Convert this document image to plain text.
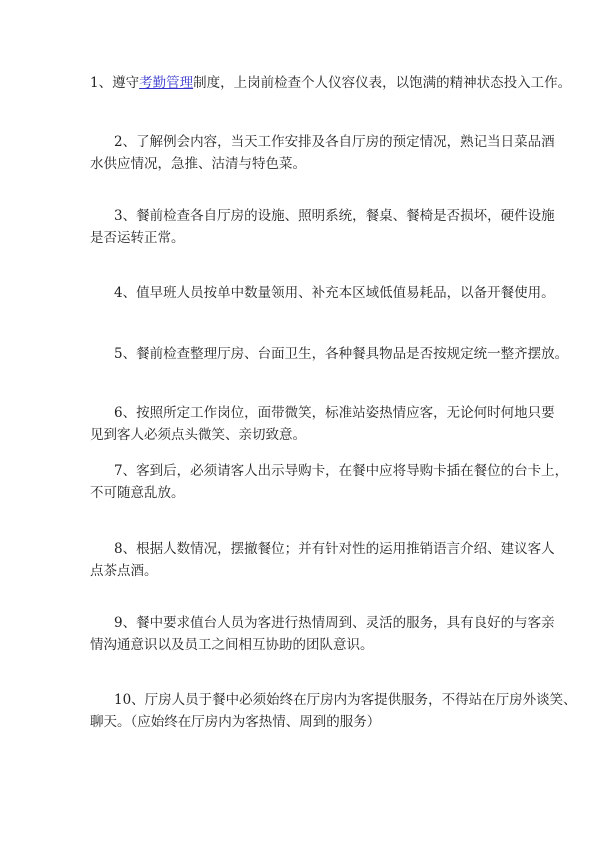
1、遵守考勤管理制度，上岗前检查个人仪容仪表，以饱满的精神状态投入工作。
2、了解例会内容，当天工作安排及各自厅房的预定情况，熟记当日菜品酒
水供应情况，急推、沽清与特色菜。
3、餐前检查各自厅房的设施、照明系统，餐桌、餐椅是否损坏，硬件设施
是否运转正常。
4、值早班人员按单中数量领用、补充本区域低值易耗品，以备开餐使用。
5、餐前检查整理厅房、台面卫生，各种餐具物品是否按规定统一整齐摆放。
6、按照所定工作岗位，面带微笑，标准站姿热情应客，无论何时何地只要
见到客人必须点头微笑、亲切致意。
7、客到后，必须请客人出示导购卡，在餐中应将导购卡插在餐位的台卡上，
不可随意乱放。
8、根据人数情况，摆撤餐位；并有针对性的运用推销语言介绍、建议客人
点茶点酒。
9、餐中要求值台人员为客进行热情周到、灵活的服务，具有良好的与客亲
情沟通意识以及员工之间相互协助的团队意识。
10、厅房人员于餐中必须始终在厅房内为客提供服务，不得站在厅房外谈笑、
聊天。（应始终在厅房内为客热情、周到的服务）
